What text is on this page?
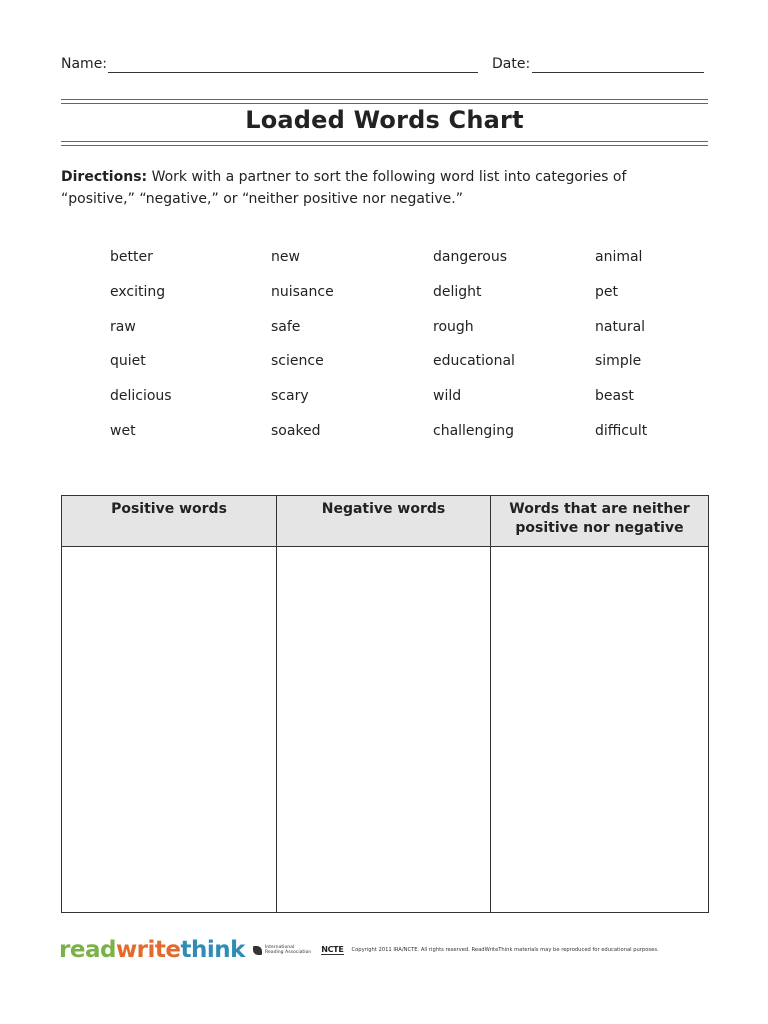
Name:	Date:
Loaded Words Chart
Directions: Work with a partner to sort the following word list into categories of “positive,” “negative,” or “neither positive nor negative.”
better	new	dangerous	animal
exciting	nuisance	delight	pet
raw	safe	rough	natural
quiet	science	educational	simple
delicious	scary	wild	beast
wet	soaked	challenging	difficult
Positive words	Negative words	Words that are neither positive nor negative

readwritethink	International
Reading Association NCTE Copyright 2011 IRA/NCTE. All rights reserved. ReadWriteThink materials may be reproduced for educational purposes.
